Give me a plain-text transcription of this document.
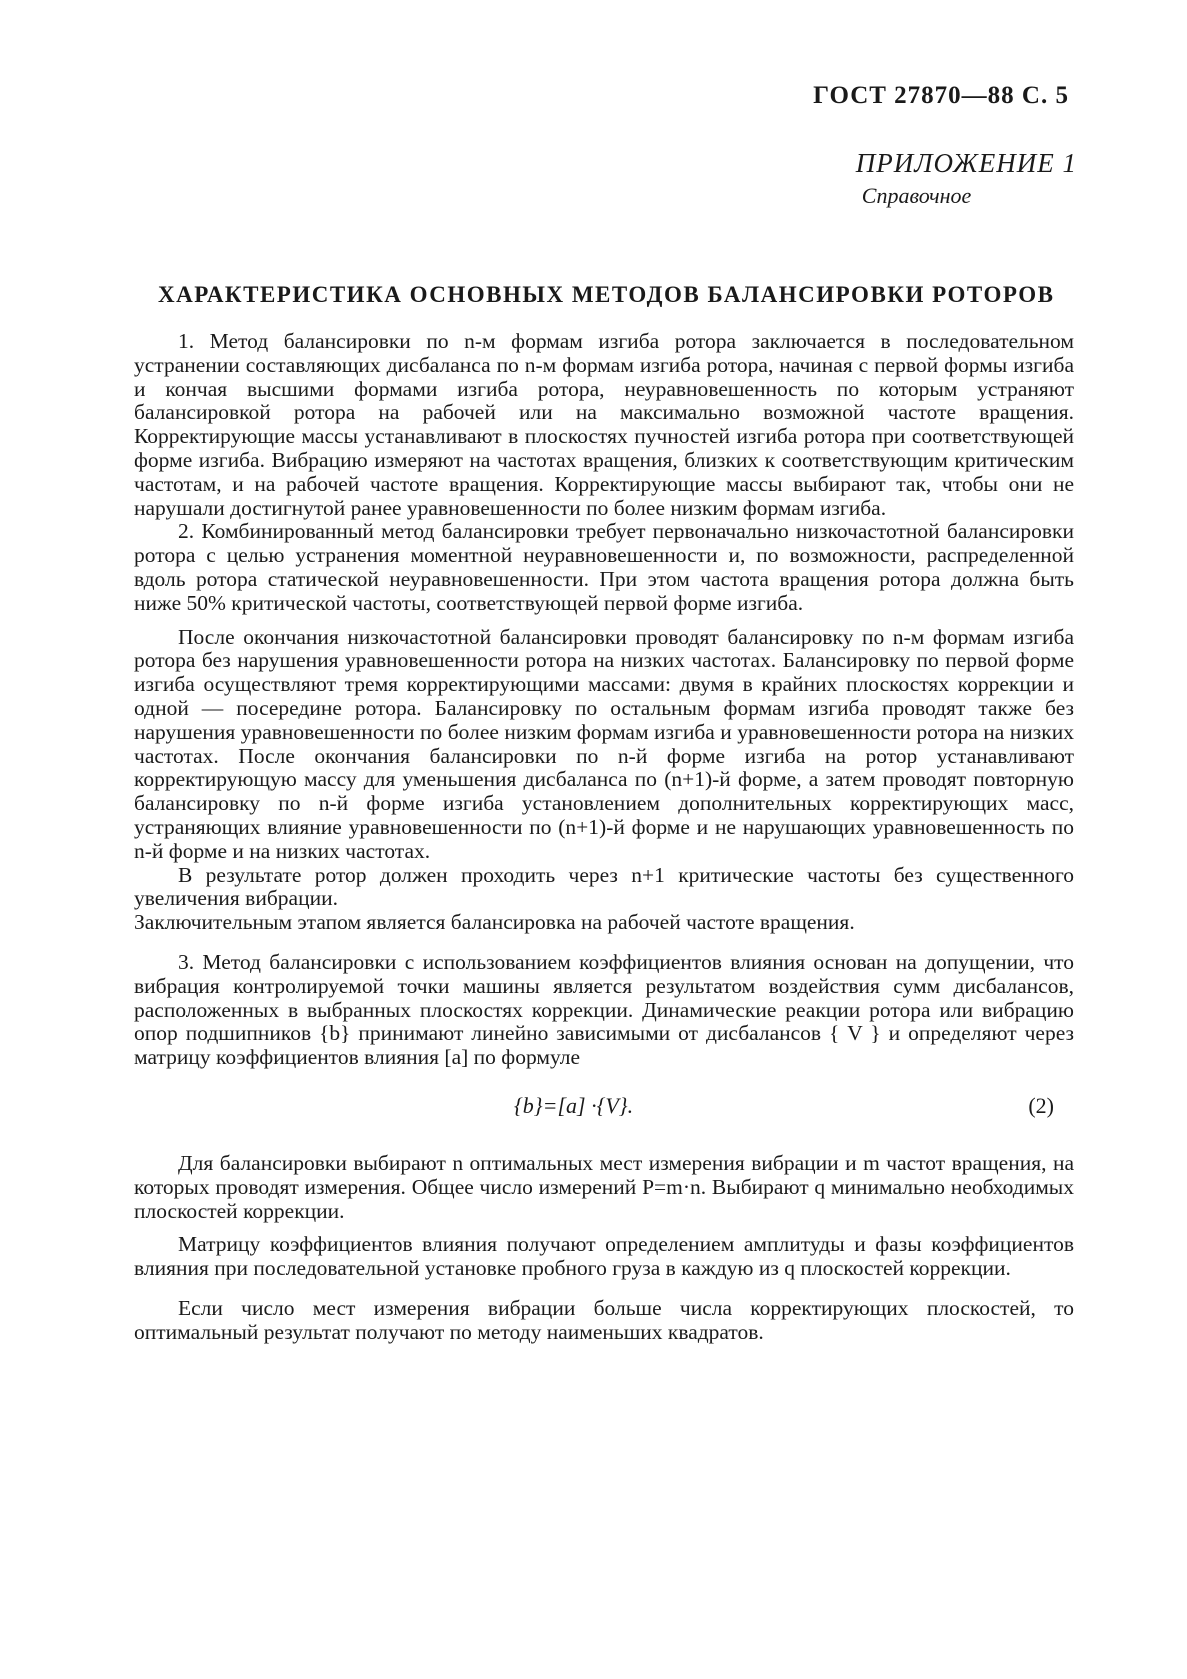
ГОСТ 27870—88 С. 5
ПРИЛОЖЕНИЕ 1
Справочное
ХАРАКТЕРИСТИКА ОСНОВНЫХ МЕТОДОВ БАЛАНСИРОВКИ РОТОРОВ

1. Метод балансировки по n-м формам изгиба ротора заключается в последовательном устранении составляющих дисбаланса по n-м формам изгиба ротора, начиная с первой формы изгиба и кончая высшими формами изгиба ротора, неуравновешенность по которым устраняют балансировкой ротора на рабочей или на максимально возможной частоте вращения. Корректирующие массы устанавливают в плоскостях пучностей изгиба ротора при соответствующей форме изгиба. Вибрацию измеряют на частотах вращения, близких к соответствующим критическим частотам, и на рабочей частоте вращения. Корректирующие массы выбирают так, чтобы они не нарушали достигнутой ранее уравновешенности по более низким формам изгиба.

2. Комбинированный метод балансировки требует первоначально низкочастотной балансировки ротора с целью устранения моментной неуравновешенности и, по возможности, распределенной вдоль ротора статической неуравновешенности. При этом частота вращения ротора должна быть ниже 50% критической частоты, соответствующей первой форме изгиба.

После окончания низкочастотной балансировки проводят балансировку по n-м формам изгиба ротора без нарушения уравновешенности ротора на низких частотах. Балансировку по первой форме изгиба осуществляют тремя корректирующими массами: двумя в крайних плоскостях коррекции и одной — посередине ротора. Балансировку по остальным формам изгиба проводят также без нарушения уравновешенности по более низким формам изгиба и уравновешенности ротора на низких частотах. После окончания балансировки по n-й форме изгиба на ротор устанавливают корректирующую массу для уменьшения дисбаланса по (n+1)-й форме, а затем проводят повторную балансировку по n-й форме изгиба установлением дополнительных корректирующих масс, устраняющих влияние уравновешенности по (n+1)-й форме и не нарушающих уравновешенность по n-й форме и на низких частотах.

В результате ротор должен проходить через n+1 критические частоты без существенного увеличения вибрации.

Заключительным этапом является балансировка на рабочей частоте вращения.

3. Метод балансировки с использованием коэффициентов влияния основан на допущении, что вибрация контролируемой точки машины является результатом воздействия сумм дисбалансов, расположенных в выбранных плоскостях коррекции. Динамические реакции ротора или вибрацию опор подшипников {b} принимают линейно зависимыми от дисбалансов { V } и определяют через матрицу коэффициентов влияния [a] по формуле

{b}=[a] ·{V}.	(2)

Для балансировки выбирают n оптимальных мест измерения вибрации и m частот вращения, на которых проводят измерения. Общее число измерений P=m·n. Выбирают q минимально необходимых плоскостей коррекции.

Матрицу коэффициентов влияния получают определением амплитуды и фазы коэффициентов влияния при последовательной установке пробного груза в каждую из q плоскостей коррекции.

Если число мест измерения вибрации больше числа корректирующих плоскостей, то оптимальный результат получают по методу наименьших квадратов.
